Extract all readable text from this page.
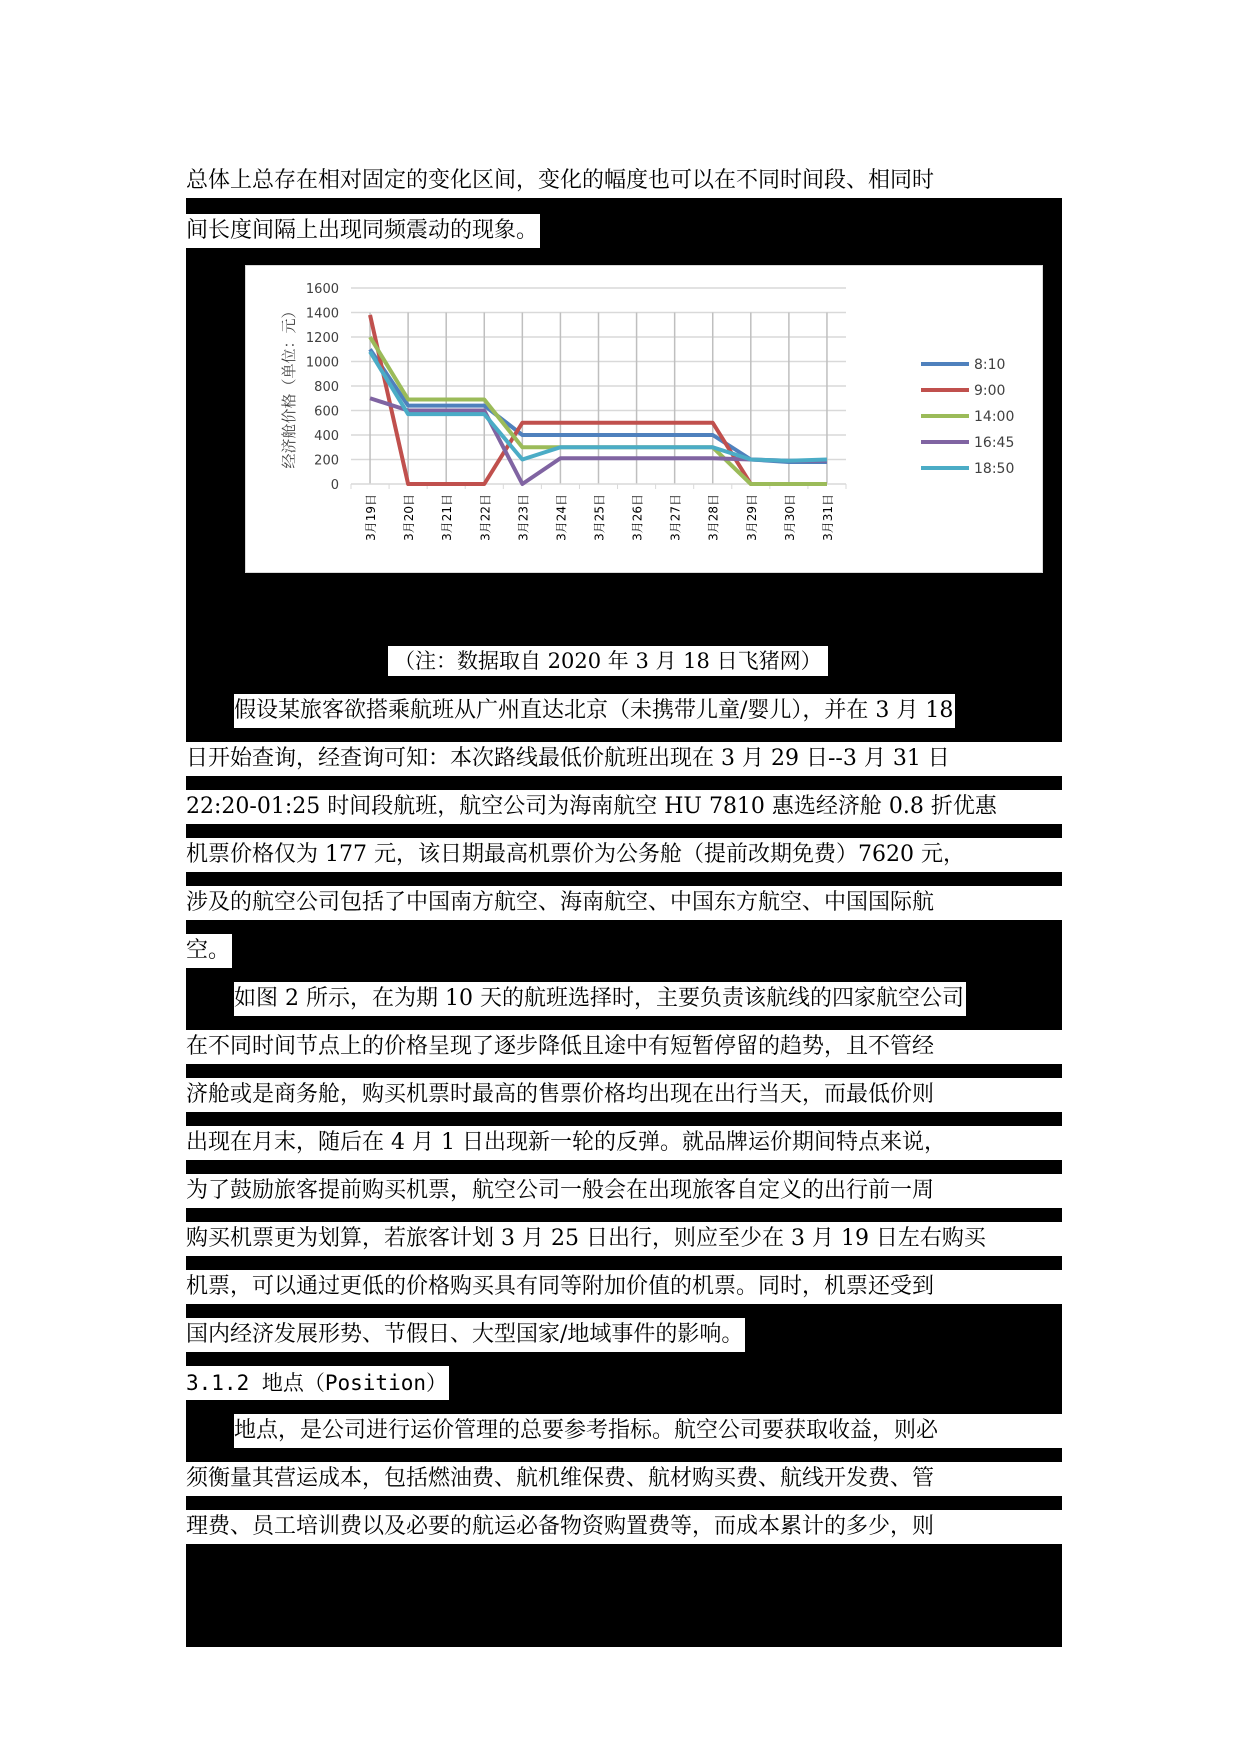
总体上总存在相对固定的变化区间，变化的幅度也可以在不同时间段、相同时
间长度间隔上出现同频震动的现象。
0
200
400
600
800
1000
1200
1400
1600
3月19日 3月20日 3月21日 3月22日 3月23日 3月24日 3月25日 3月26日 3月27日 3月28日 3月29日 3月30日 3月31日
经济舱价格（单位：元）	8:10
9:00
14:00
16:45
18:50
（注：数据取自 2020 年 3 月 18 日飞猪网）
假设某旅客欲搭乘航班从广州直达北京（未携带儿童/婴儿），并在 3 月 18
日开始查询，经查询可知：本次路线最低价航班出现在 3 月 29 日--3 月 31 日
22:20-01:25 时间段航班，航空公司为海南航空 HU 7810 惠选经济舱 0.8 折优惠
机票价格仅为 177 元，该日期最高机票价为公务舱（提前改期免费）7620 元，
涉及的航空公司包括了中国南方航空、海南航空、中国东方航空、中国国际航
空。
如图 2 所示，在为期 10 天的航班选择时，主要负责该航线的四家航空公司
在不同时间节点上的价格呈现了逐步降低且途中有短暂停留的趋势，且不管经
济舱或是商务舱，购买机票时最高的售票价格均出现在出行当天，而最低价则
出现在月末，随后在 4 月 1 日出现新一轮的反弹。就品牌运价期间特点来说，
为了鼓励旅客提前购买机票，航空公司一般会在出现旅客自定义的出行前一周
购买机票更为划算，若旅客计划 3 月 25 日出行，则应至少在 3 月 19 日左右购买
机票，可以通过更低的价格购买具有同等附加价值的机票。同时，机票还受到
国内经济发展形势、节假日、大型国家/地域事件的影响。
3.1.2 地点（Position）
地点，是公司进行运价管理的总要参考指标。航空公司要获取收益，则必
须衡量其营运成本，包括燃油费、航机维保费、航材购买费、航线开发费、管
理费、员工培训费以及必要的航运必备物资购置费等，而成本累计的多少，则
